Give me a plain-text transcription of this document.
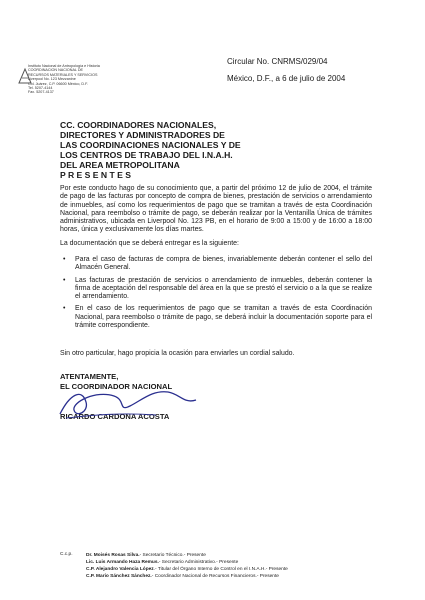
Instituto Nacional de Antropología e Historia
COORDINACION NACIONAL DE
RECURSOS MATERIALES Y SERVICIOS
Liverpool No. 123 Mezzanine
Col. Juárez, C.P. 06600 México, D.F.
Tel. 5207-4144
Fax. 5207-4137
Circular No. CNRMS/029/04
México, D.F., a 6 de julio de 2004
CC. COORDINADORES NACIONALES,
DIRECTORES Y ADMINISTRADORES DE
LAS COORDINACIONES NACIONALES Y DE
LOS CENTROS DE TRABAJO DEL I.N.A.H.
DEL AREA METROPOLITANA
P R E S E N T E S
Por este conducto hago de su conocimiento que, a partir del próximo 12 de julio de 2004, el trámite de pago de las facturas por concepto de compra de bienes, prestación de servicios o arrendamiento de inmuebles, así como los requerimientos de pago que se tramitan a través de esta Coordinación Nacional, para reembolso o trámite de pago, se deberán realizar por la Ventanilla Única de trámites administrativos, ubicada en Liverpool No. 123 PB, en el horario de 9:00 a 15:00 y de 16:00 a 18:00 horas, única y exclusivamente los días martes.
La documentación que se deberá entregar es la siguiente:
• Para el caso de facturas de compra de bienes, invariablemente deberán contener el sello del Almacén General.
• Las facturas de prestación de servicios o arrendamiento de inmuebles, deberán contener la firma de aceptación del responsable del área en la que se prestó el servicio o a la que se realize el arrendamiento.
• En el caso de los requerimientos de pago que se tramitan a través de esta Coordinación Nacional, para reembolso o trámite de pago, se deberá incluir la documentación soporte para el trámite correspondiente.
Sin otro particular, hago propicia la ocasión para enviarles un cordial saludo.
ATENTAMENTE,
EL COORDINADOR NACIONAL
RICARDO CARDONA ACOSTA
C.c.p.	Dr. Moisés Rosas Silva.- Secretario Técnico.- Presente
Lic. Luis Armando Haza Remus.- Secretario Administrativo.- Presente
C.P. Alejandro Valencia López.- Titular del Órgano Interno de Control en el I.N.A.H.- Presente
C.P. Mario Sánchez Sánchez.- Coordinador Nacional de Recursos Financieros.- Presente
